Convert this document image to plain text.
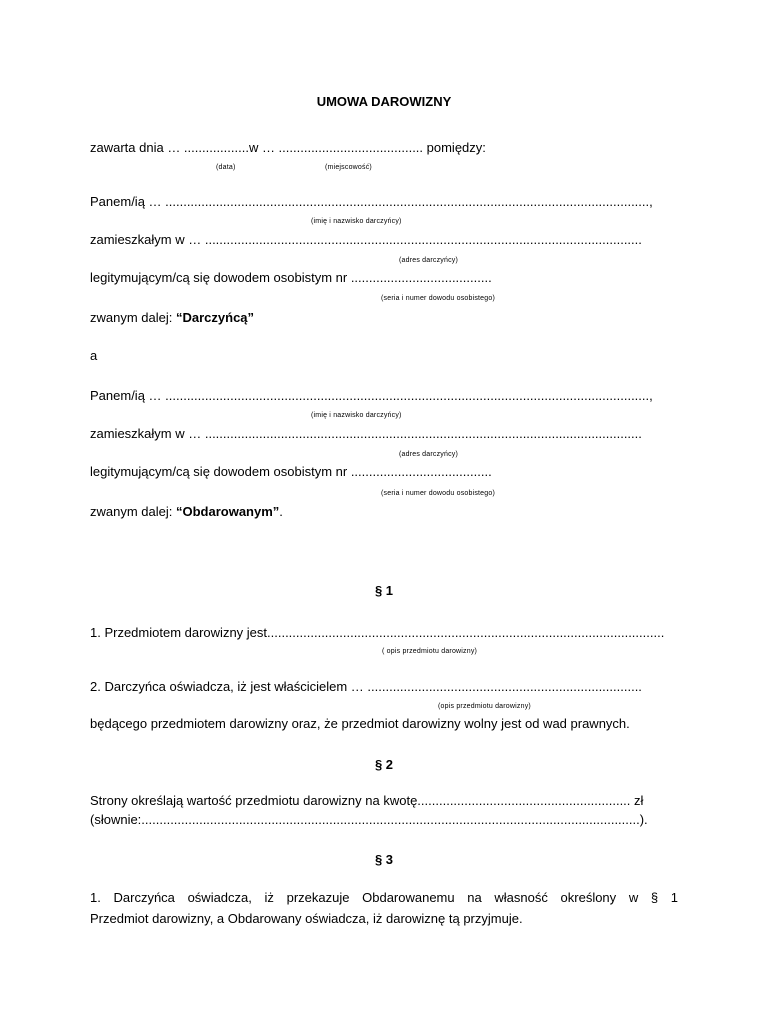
UMOWA DAROWIZNY

zawarta dnia … ..................w … ........................................ pomiędzy:

(data)	(miejscowość)

Panem/ią … ......................................................................................................................................,

(imię i nazwisko darczyńcy)

zamieszkałym w … .........................................................................................................................

(adres darczyńcy)

legitymującym/cą się dowodem osobistym nr .......................................

(seria i numer dowodu osobistego)

zwanym dalej: “Darczyńcą”

a

Panem/ią … ......................................................................................................................................,

(imię i nazwisko darczyńcy)

zamieszkałym w … .........................................................................................................................

(adres darczyńcy)

legitymującym/cą się dowodem osobistym nr .......................................

(seria i numer dowodu osobistego)

zwanym dalej: “Obdarowanym”.

§ 1

1. Przedmiotem darowizny jest..............................................................................................................

( opis przedmiotu darowizny)

2. Darczyńca oświadcza, iż jest właścicielem … ............................................................................

(opis przedmiotu darowizny)

będącego przedmiotem darowizny oraz, że przedmiot darowizny wolny jest od wad prawnych.

§ 2

Strony określają wartość przedmiotu darowizny na kwotę........................................................... zł

(słownie:..........................................................................................................................................).

§ 3

1. Darczyńca oświadcza, iż przekazuje Obdarowanemu na własność określony w § 1

Przedmiot darowizny, a Obdarowany oświadcza, iż darowiznę tą przyjmuje.
